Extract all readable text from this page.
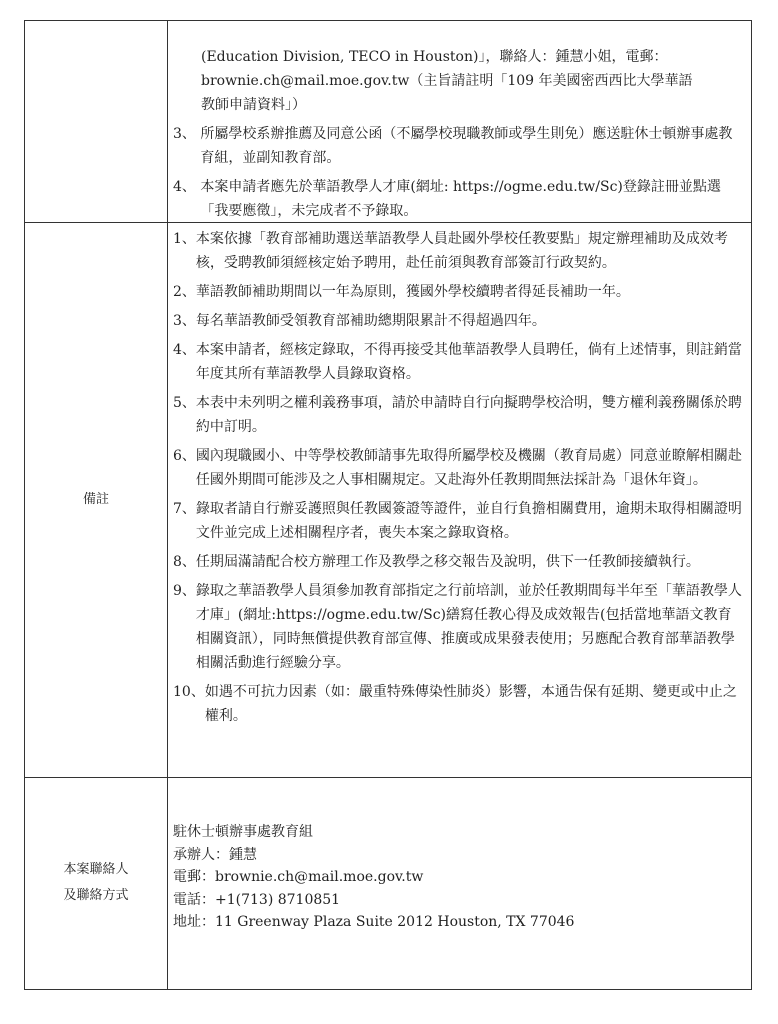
(Education Division, TECO in Houston)」，聯絡人：鍾慧小姐，電郵：

brownie.ch@mail.moe.gov.tw（主旨請註明「109 年美國密西西比大學華語

教師申請資料」）

3、 所屬學校系辦推薦及同意公函（不屬學校現職教師或學生則免）應送駐休士頓辦事處教育組，並副知教育部。
4、 本案申請者應先於華語教學人才庫(網址: https://ogme.edu.tw/Sc)登錄註冊並點選「我要應徵」，未完成者不予錄取。
備註
1、 本案依據「教育部補助選送華語教學人員赴國外學校任教要點」規定辦理補助及成效考核，受聘教師須經核定始予聘用，赴任前須與教育部簽訂行政契約。
2、 華語教師補助期間以一年為原則，獲國外學校續聘者得延長補助一年。
3、 每名華語教師受領教育部補助總期限累計不得超過四年。
4、 本案申請者，經核定錄取，不得再接受其他華語教學人員聘任，倘有上述情事，則註銷當年度其所有華語教學人員錄取資格。
5、 本表中未列明之權利義務事項，請於申請時自行向擬聘學校洽明，雙方權利義務關係於聘約中訂明。
6、 國內現職國小、中等學校教師請事先取得所屬學校及機關（教育局處）同意並瞭解相關赴任國外期間可能涉及之人事相關規定。又赴海外任教期間無法採計為「退休年資」。
7、 錄取者請自行辦妥護照與任教國簽證等證件，並自行負擔相關費用，逾期未取得相關證明文件並完成上述相關程序者，喪失本案之錄取資格。
8、 任期屆滿請配合校方辦理工作及教學之移交報告及說明，供下一任教師接續執行。
9、 錄取之華語教學人員須參加教育部指定之行前培訓，並於任教期間每半年至「華語教學人才庫」(網址:https://ogme.edu.tw/Sc)繕寫任教心得及成效報告(包括當地華語文教育相關資訊），同時無償提供教育部宣傳、推廣或成果發表使用；另應配合教育部華語教學相關活動進行經驗分享。
10、 如遇不可抗力因素（如：嚴重特殊傳染性肺炎）影響，本通告保有延期、變更或中止之權利。
本案聯絡人
及聯絡方式

駐休士頓辦事處教育組

承辦人：鍾慧

電郵：brownie.ch@mail.moe.gov.tw

電話：+1(713) 8710851

地址：11 Greenway Plaza Suite 2012 Houston, TX 77046
